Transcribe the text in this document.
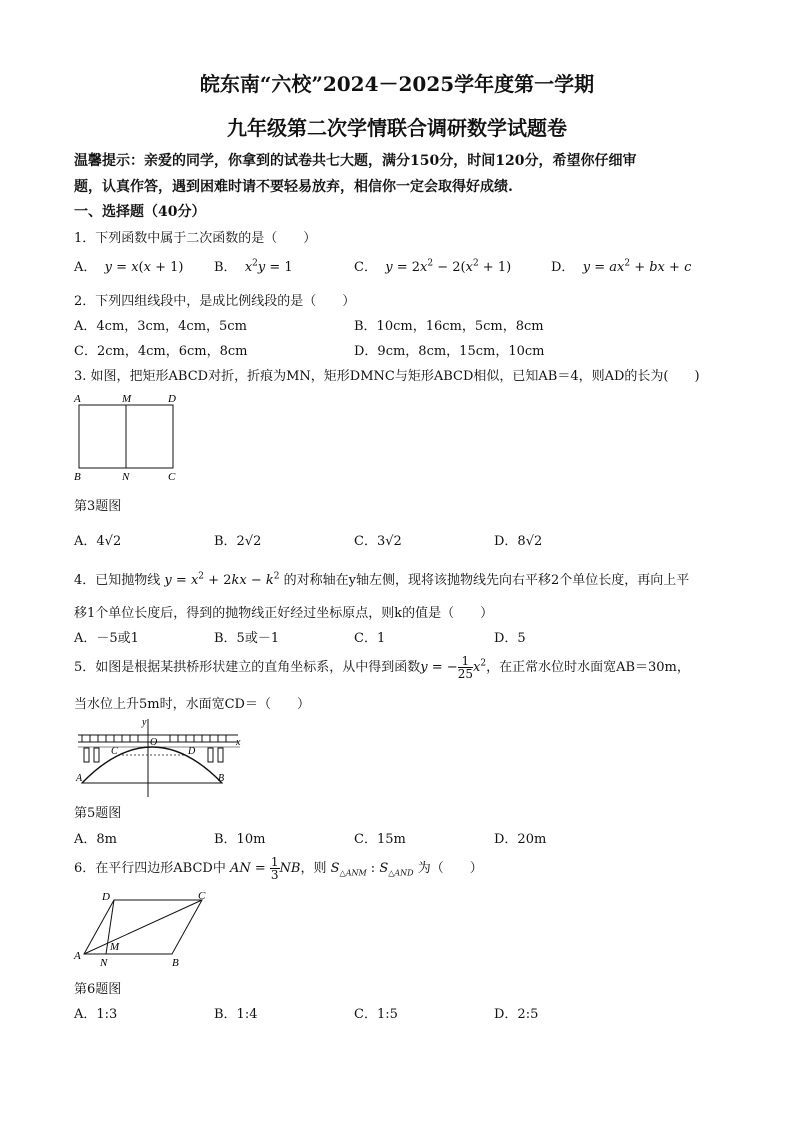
皖东南“六校”2024－2025学年度第一学期
九年级第二次学情联合调研数学试题卷
温馨提示：亲爱的同学，你拿到的试卷共七大题，满分150分，时间120分，希望你仔细审
题，认真作答，遇到困难时请不要轻易放弃，相信你一定会取得好成绩.
一、选择题（40分）
1．下列函数中属于二次函数的是（　　）
A． y = x(x + 1) B． $x^2y = 1$	C． $y = 2x^2 - 2(x^2 + 1)$	D． $y = ax^2$ + bx + c
2．下列四组线段中，是成比例线段的是（　　）
A．4cm，3cm，4cm，5cm	B．10cm，16cm，5cm，8cm
C．2cm，4cm，6cm，8cm	D．9cm，8cm，15cm，10cm
3. 如图，把矩形ABCD对折，折痕为MN，矩形DMNC与矩形ABCD相似，已知AB＝4，则AD的长为(　　)
A	M	D
B	N	C
第3题图
A．4√2	B．2√2	C．3√2	D．8√2
4．已知抛物线 $y = x^2 + 2kx - k^2$ 的对称轴在y轴左侧，现将该抛物线先向右平移2个单位长度，再向上平
移1个单位长度后，得到的抛物线正好经过坐标原点，则k的值是（　　）
A．－5或1	B．5或－1	C．1	D．5
5．如图是根据某拱桥形状建立的直角坐标系，从中得到函数y = − $\frac{1}{25} x^2$，在正常水位时水面宽AB＝30m，
当水位上升5m时，水面宽CD＝（　　）
y
x
O
C	D
A	B
第5题图
A．8m	B．10m	C．15m	D．20m
6．在平行四边形ABCD中 AN = $\frac{1}{3}$ NB，则 $S_{\triangle ANM}$ : $S_{\triangle AND}$ 为（　　）
D	C
A
M
N	B
第6题图
A．1:3	B．1:4	C．1:5	D．2:5
